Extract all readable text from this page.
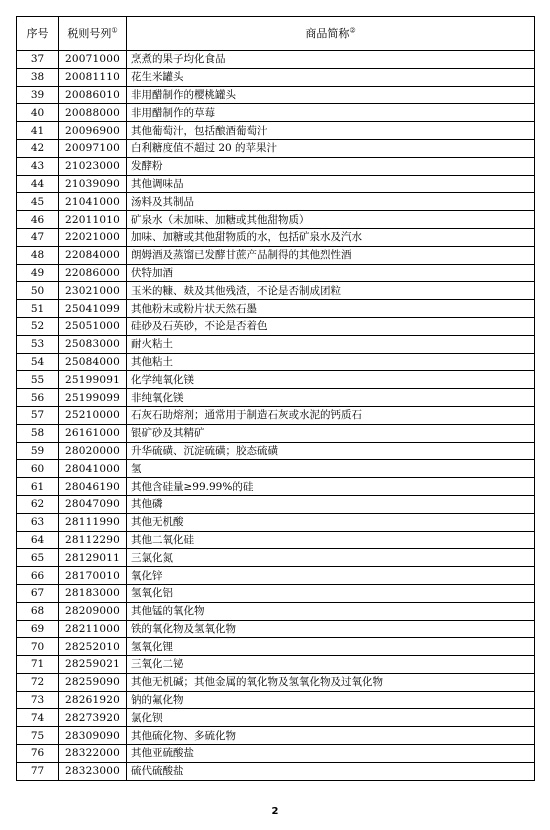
序号	税则号列①	商品简称②
37	20071000	烹煮的果子均化食品
38	20081110	花生米罐头
39	20086010	非用醋制作的樱桃罐头
40	20088000	非用醋制作的草莓
41	20096900	其他葡萄汁，包括酿酒葡萄汁
42	20097100	白利糖度值不超过 20 的苹果汁
43	21023000	发酵粉
44	21039090	其他调味品
45	21041000	汤料及其制品
46	22011010	矿泉水（未加味、加糖或其他甜物质）
47	22021000	加味、加糖或其他甜物质的水，包括矿泉水及汽水
48	22084000	朗姆酒及蒸馏已发酵甘蔗产品制得的其他烈性酒
49	22086000	伏特加酒
50	23021000	玉米的糠、麸及其他残渣，不论是否制成团粒
51	25041099	其他粉末或粉片状天然石墨
52	25051000	硅砂及石英砂，不论是否着色
53	25083000	耐火粘土
54	25084000	其他粘土
55	25199091	化学纯氧化镁
56	25199099	非纯氧化镁
57	25210000	石灰石助熔剂；通常用于制造石灰或水泥的钙质石
58	26161000	银矿砂及其精矿
59	28020000	升华硫磺、沉淀硫磺；胶态硫磺
60	28041000	氢
61	28046190	其他含硅量≥99.99%的硅
62	28047090	其他磷
63	28111990	其他无机酸
64	28112290	其他二氧化硅
65	28129011	三氯化氮
66	28170010	氧化锌
67	28183000	氢氧化铝
68	28209000	其他锰的氧化物
69	28211000	铁的氧化物及氢氧化物
70	28252010	氢氧化锂
71	28259021	三氧化二铋
72	28259090	其他无机碱；其他金属的氧化物及氢氧化物及过氧化物
73	28261920	钠的氟化物
74	28273920	氯化钡
75	28309090	其他硫化物、多硫化物
76	28322000	其他亚硫酸盐
77	28323000	硫代硫酸盐
2
